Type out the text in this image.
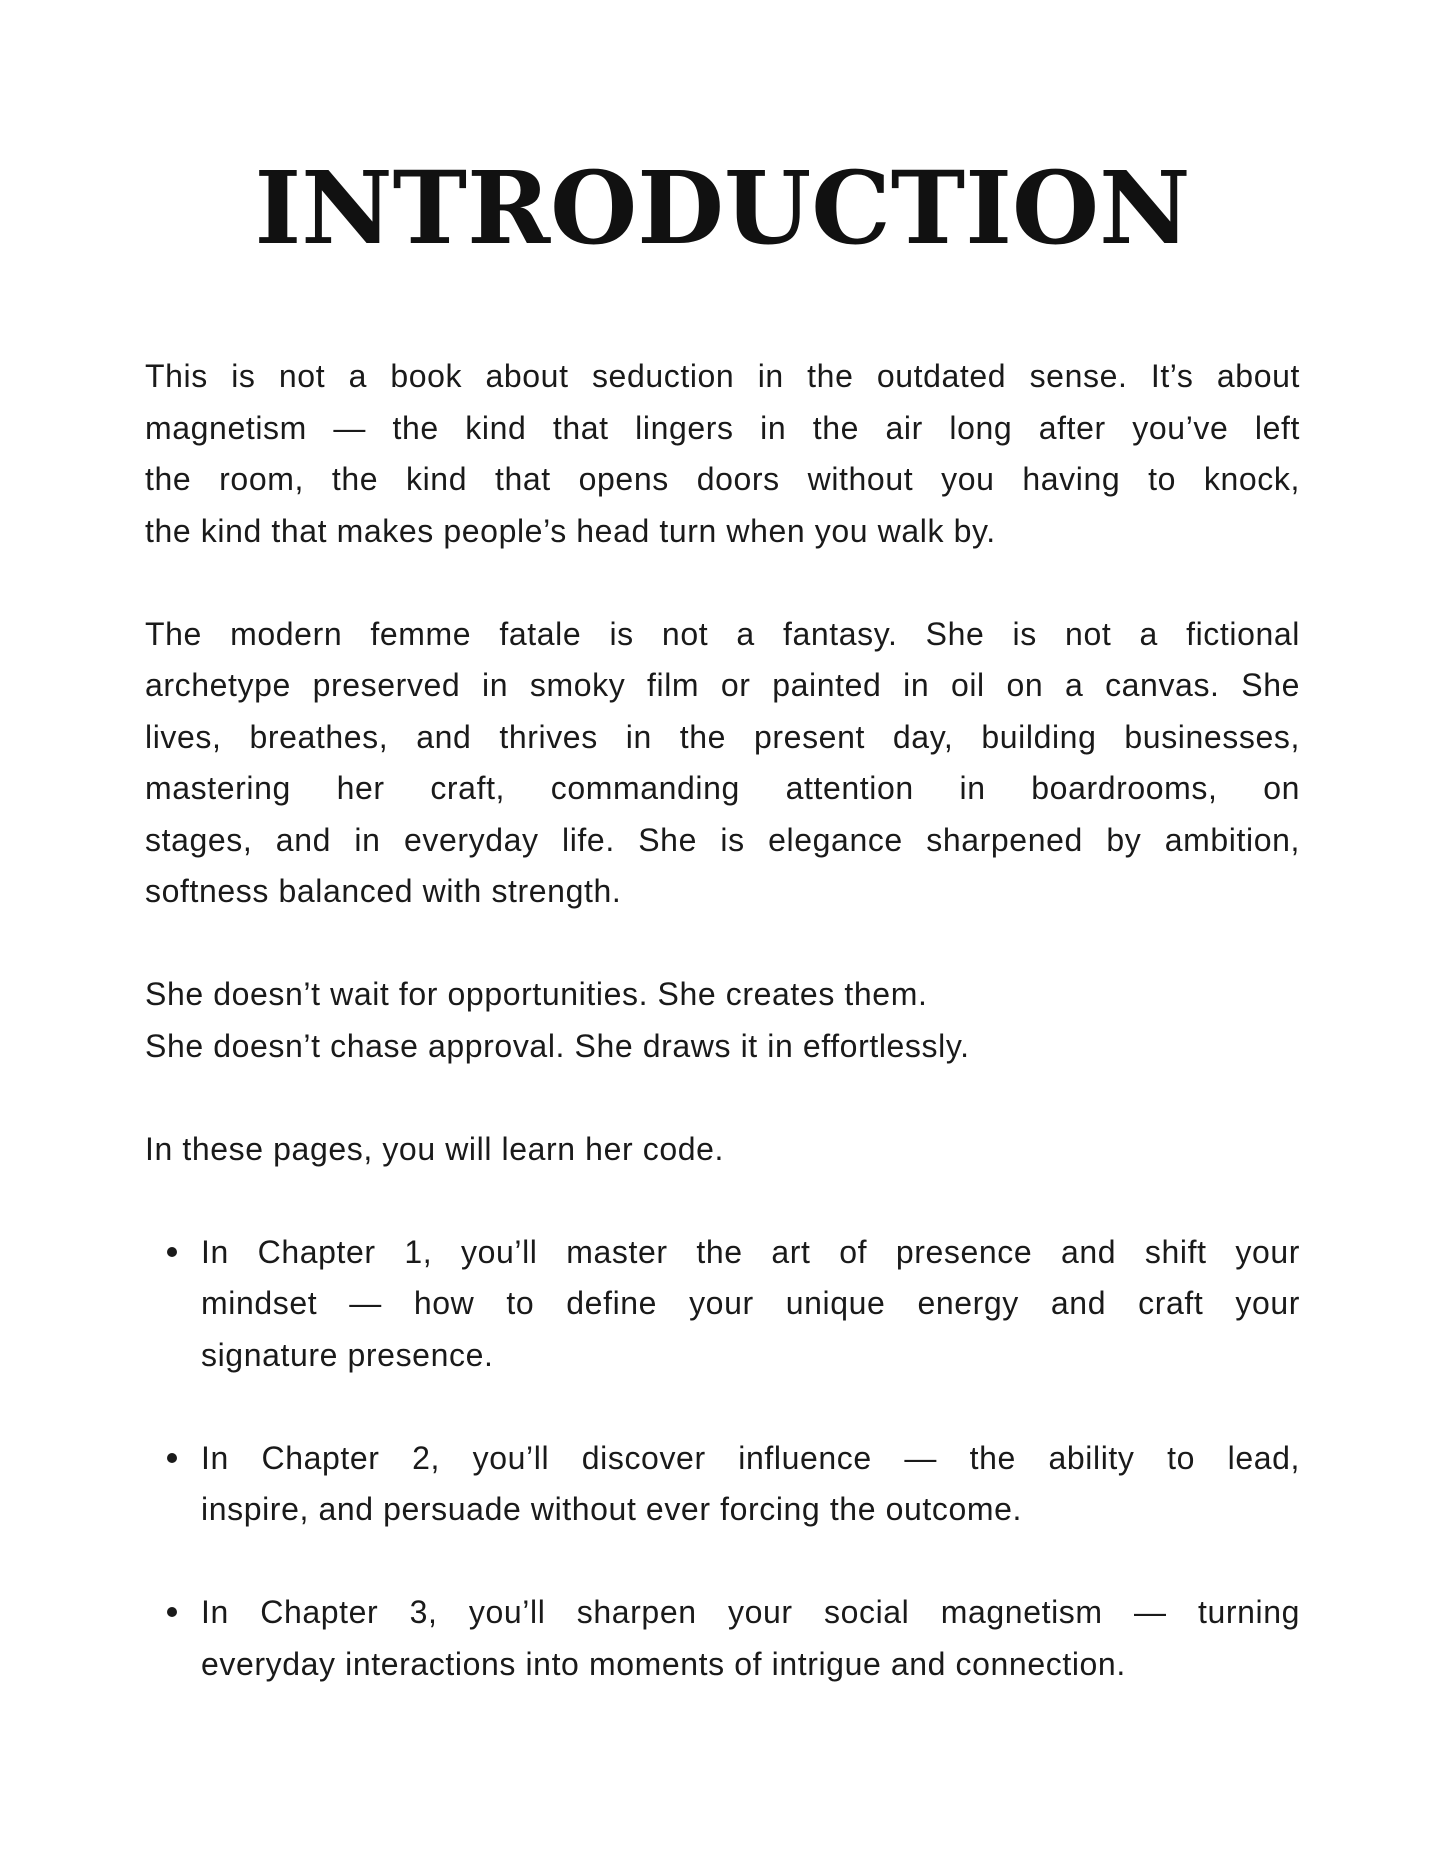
INTRODUCTION

This is not a book about seduction in the outdated sense. It’s about
magnetism — the kind that lingers in the air long after you’ve left
the room, the kind that opens doors without you having to knock,
the kind that makes people’s head turn when you walk by.

The modern femme fatale is not a fantasy. She is not a fictional
archetype preserved in smoky film or painted in oil on a canvas. She
lives, breathes, and thrives in the present day, building businesses,
mastering her craft, commanding attention in boardrooms, on
stages, and in everyday life. She is elegance sharpened by ambition,
softness balanced with strength.

She doesn’t wait for opportunities. She creates them.
She doesn’t chase approval. She draws it in effortlessly.

In these pages, you will learn her code.

In Chapter 1, you’ll master the art of presence and shift your
mindset — how to define your unique energy and craft your
signature presence.
In Chapter 2, you’ll discover influence — the ability to lead,
inspire, and persuade without ever forcing the outcome.
In Chapter 3, you’ll sharpen your social magnetism — turning
everyday interactions into moments of intrigue and connection.
